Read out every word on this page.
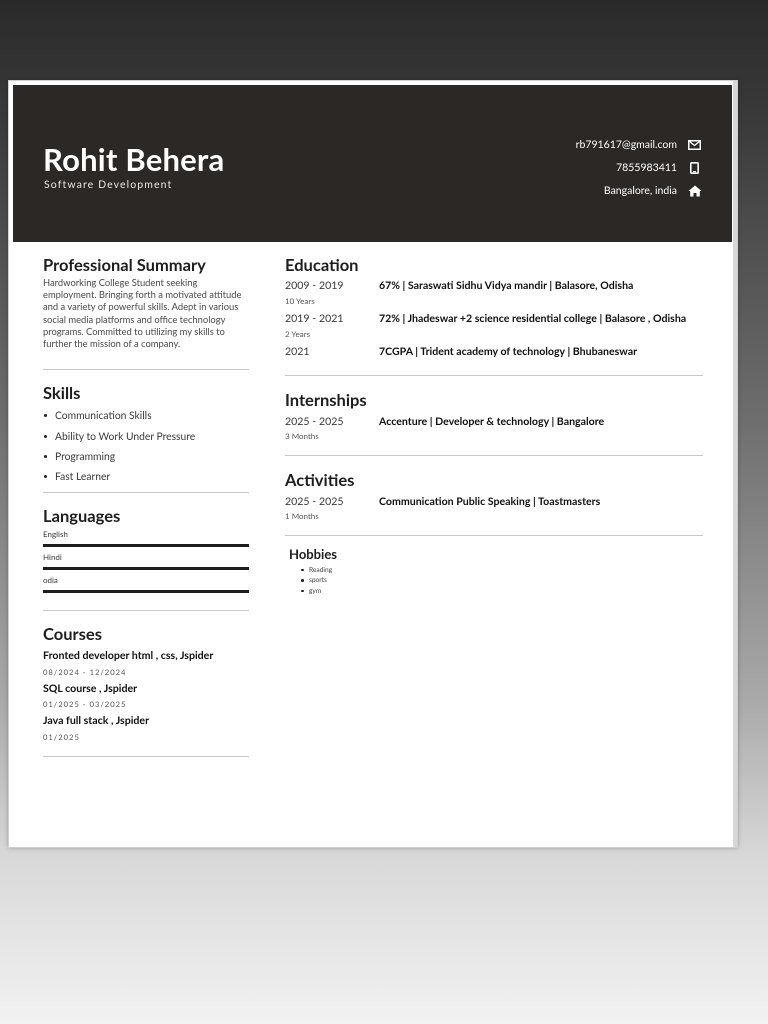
Rohit Behera
Software Development
rb791617@gmail.com
7855983411
Bangalore, india
Professional Summary
Hardworking College Student seeking employment. Bringing forth a motivated attitude and a variety of powerful skills. Adept in various social media platforms and office technology programs. Committed to utilizing my skills to further the mission of a company.
Skills
Communication Skills
Ability to Work Under Pressure
Programming
Fast Learner
Languages
English
Hindi
odia
Courses
Fronted developer html , css, Jspider
08/2024 - 12/2024
SQL course , Jspider
01/2025 - 03/2025
Java full stack , Jspider
01/2025
Education
2009 - 2019
10 Years
67% | Saraswati Sidhu Vidya mandir | Balasore, Odisha
2019 - 2021
2 Years
72% | Jhadeswar +2 science residential college | Balasore , Odisha
2021	7CGPA | Trident academy of technology | Bhubaneswar
Internships
2025 - 2025
3 Months
Accenture | Developer & technology | Bangalore
Activities
2025 - 2025
1 Months
Communication Public Speaking | Toastmasters
Hobbies
Reading
sports
gym
